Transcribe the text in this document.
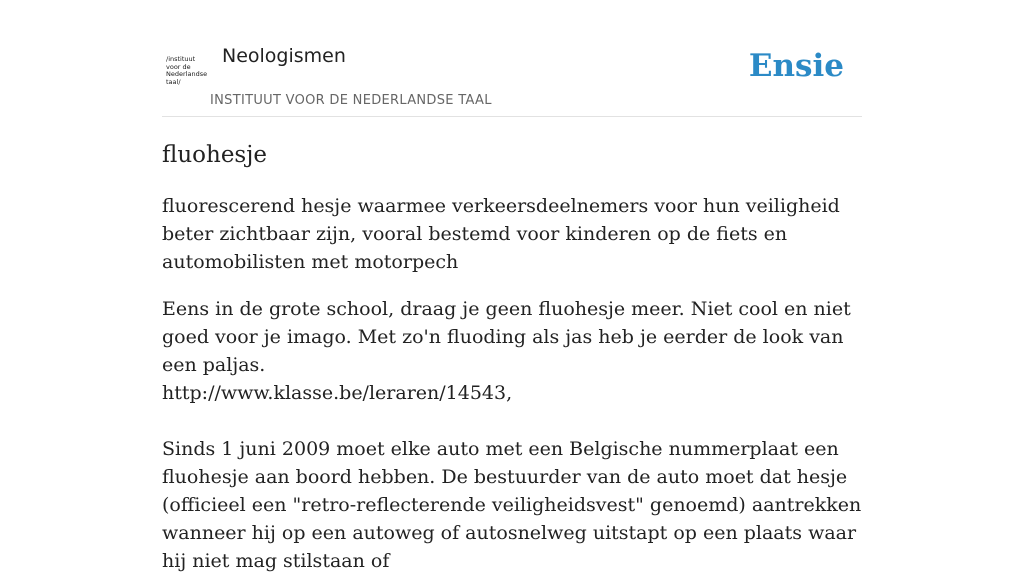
/instituut
voor de
Nederlandse
taal/
Neologismen
INSTITUUT VOOR DE NEDERLANDSE TAAL
Ensie
fluohesje

fluorescerend hesje waarmee verkeersdeelnemers voor hun veiligheid beter zichtbaar zijn, vooral bestemd voor kinderen op de fiets en automobilisten met motorpech

Eens in de grote school, draag je geen fluohesje meer. Niet cool en niet goed voor je imago. Met zo'n fluoding als jas heb je eerder de look van een paljas.
http://www.klasse.be/leraren/14543,
Sinds 1 juni 2009 moet elke auto met een Belgische nummerplaat een fluohesje aan boord hebben. De bestuurder van de auto moet dat hesje (officieel een "retro-reflecterende veiligheidsvest" genoemd) aantrekken wanneer hij op een autoweg of autosnelweg uitstapt op een plaats waar hij niet mag stilstaan of
